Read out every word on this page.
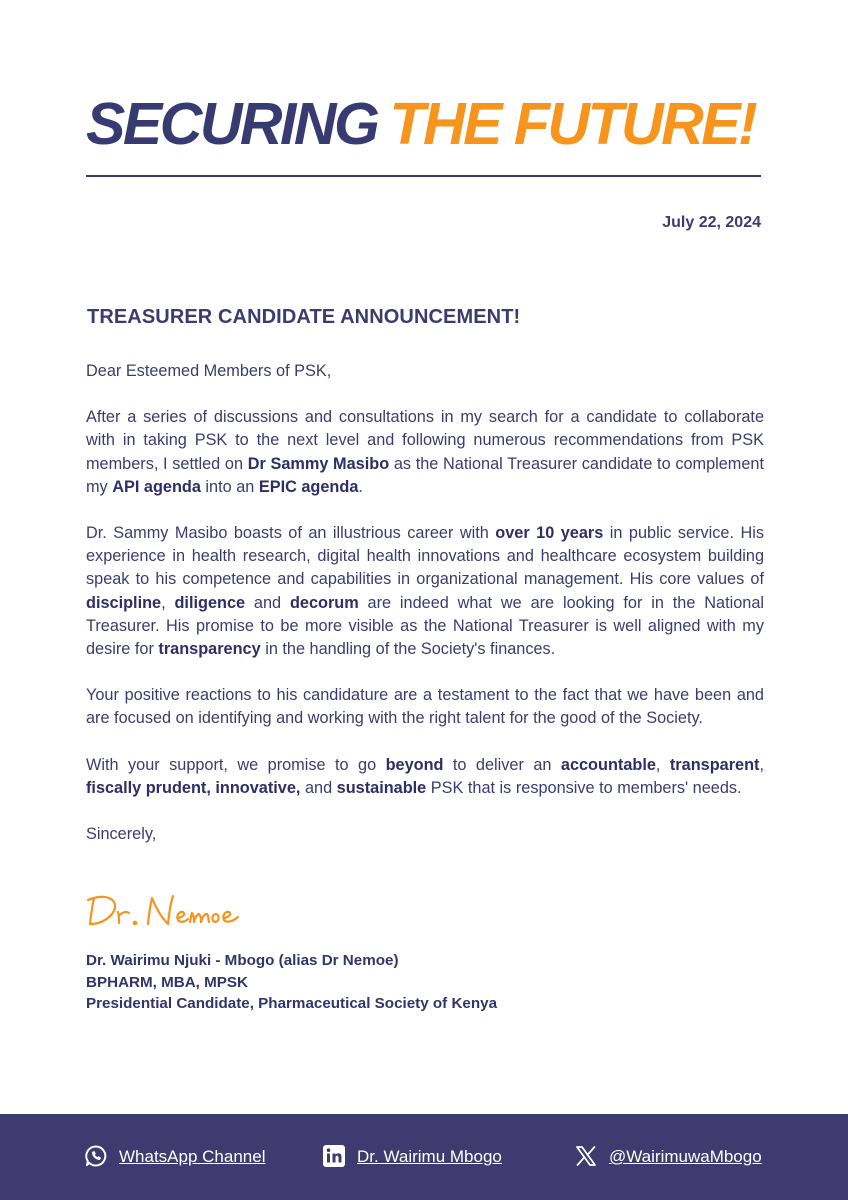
SECURING THE FUTURE!
July 22, 2024
TREASURER CANDIDATE ANNOUNCEMENT!

Dear Esteemed Members of PSK,

After a series of discussions and consultations in my search for a candidate to collaborate with in taking PSK to the next level and following numerous recommendations from PSK members, I settled on Dr Sammy Masibo as the National Treasurer candidate to complement my API agenda into an EPIC agenda.

Dr. Sammy Masibo boasts of an illustrious career with over 10 years in public service. His experience in health research, digital health innovations and healthcare ecosystem building speak to his competence and capabilities in organizational management. His core values of discipline, diligence and decorum are indeed what we are looking for in the National Treasurer. His promise to be more visible as the National Treasurer is well aligned with my desire for transparency in the handling of the Society's finances.

Your positive reactions to his candidature are a testament to the fact that we have been and are focused on identifying and working with the right talent for the good of the Society.

With your support, we promise to go beyond to deliver an accountable, transparent, fiscally prudent, innovative, and sustainable PSK that is responsive to members' needs.

Sincerely,

Dr. Wairimu Njuki - Mbogo (alias Dr Nemoe)
BPHARM, MBA, MPSK
Presidential Candidate, Pharmaceutical Society of Kenya
WhatsApp Channel	Dr. Wairimu Mbogo	@WairimuwaMbogo
